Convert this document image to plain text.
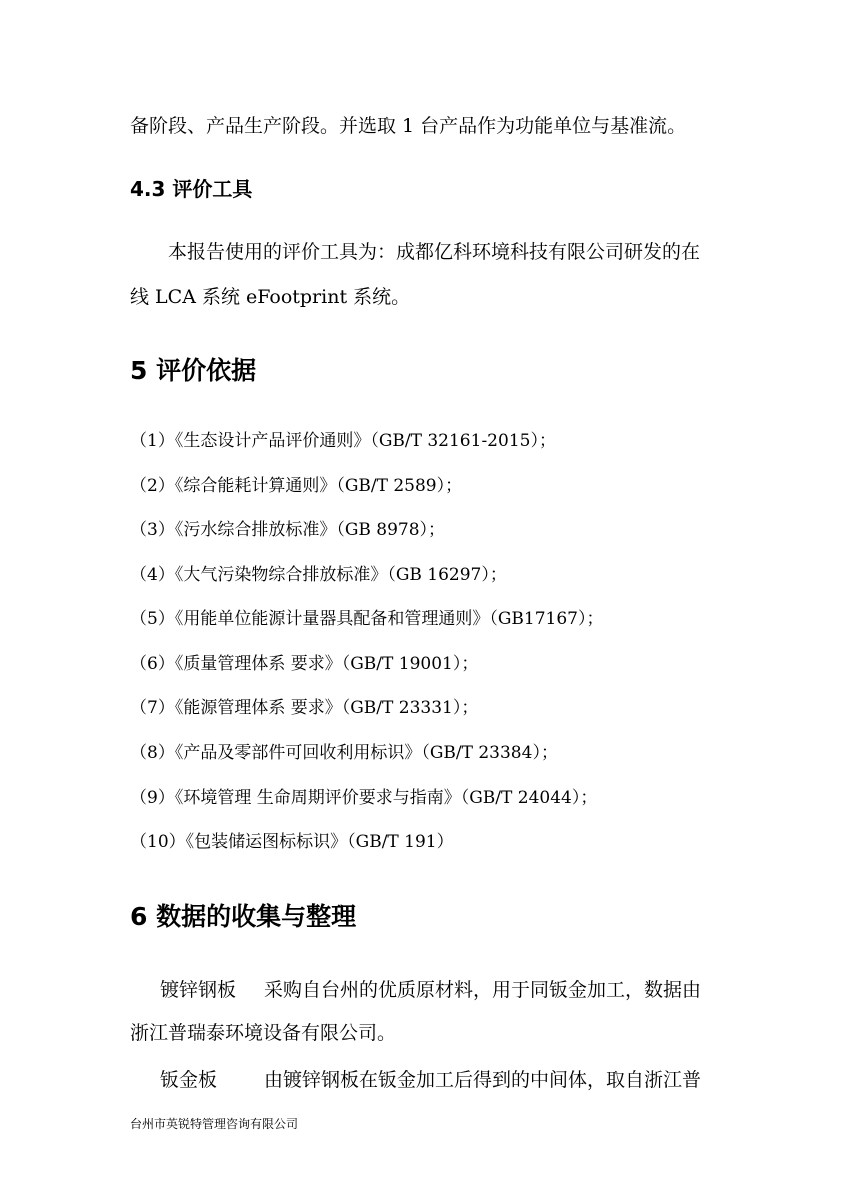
备阶段、产品生产阶段。并选取 1 台产品作为功能单位与基准流。
4.3 评价工具
本报告使用的评价工具为：成都亿科环境科技有限公司研发的在
线 LCA 系统 eFootprint 系统。
5 评价依据
（1）《生态设计产品评价通则》（GB/T 32161-2015）；
（2）《综合能耗计算通则》（GB/T 2589）；
（3）《污水综合排放标准》（GB 8978）；
（4）《大气污染物综合排放标准》（GB 16297）；
（5）《用能单位能源计量器具配备和管理通则》（GB17167）；
（6）《质量管理体系 要求》（GB/T 19001）；
（7）《能源管理体系 要求》（GB/T 23331）；
（8）《产品及零部件可回收利用标识》（GB/T 23384）；
（9）《环境管理 生命周期评价要求与指南》（GB/T 24044）；
（10）《包装储运图标标识》（GB/T 191）
6 数据的收集与整理
镀锌钢板 采购自台州的优质原材料，用于同钣金加工，数据由
浙江普瑞泰环境设备有限公司。
钣金板 由镀锌钢板在钣金加工后得到的中间体，取自浙江普
台州市英锐特管理咨询有限公司
